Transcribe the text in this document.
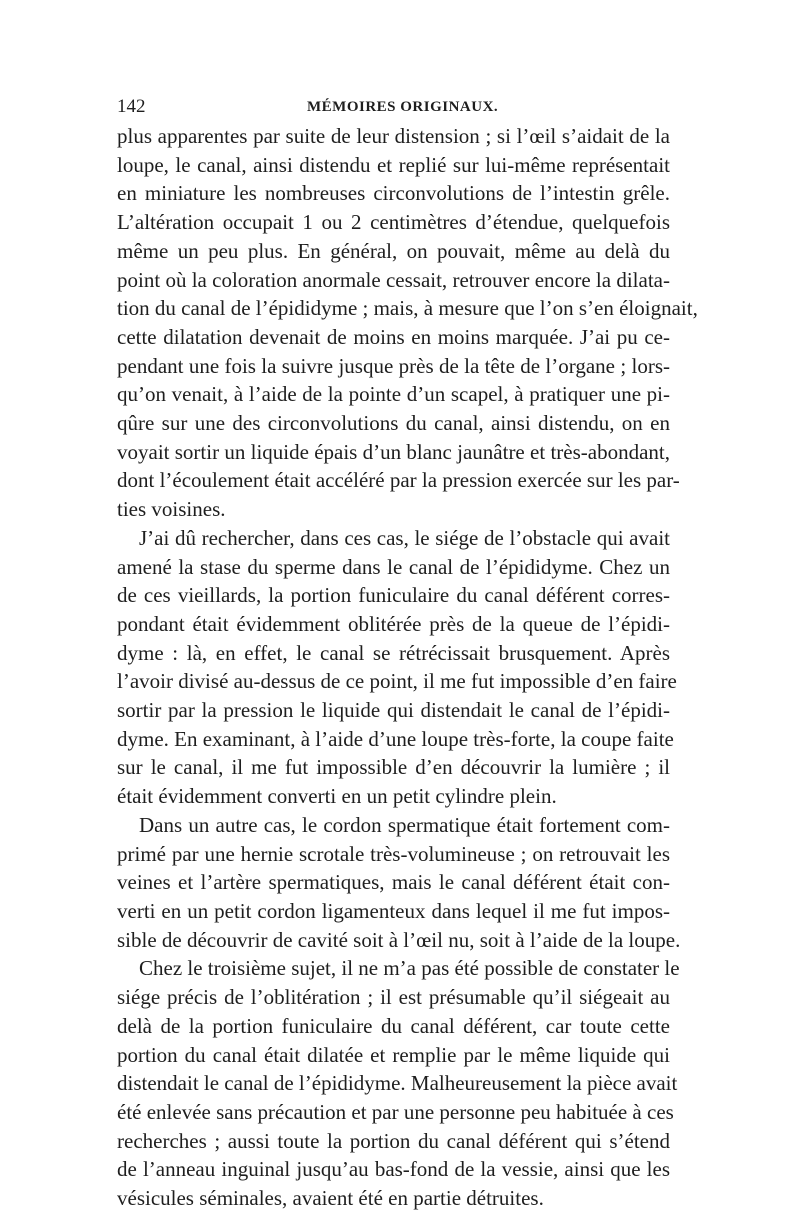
142	MÉMOIRES ORIGINAUX.

plus apparentes par suite de leur distension ; si l’œil s’aidait de la
loupe, le canal, ainsi distendu et replié sur lui-même représentait
en miniature les nombreuses circonvolutions de l’intestin grêle.
L’altération occupait 1 ou 2 centimètres d’étendue, quelquefois
même un peu plus. En général, on pouvait, même au delà du
point où la coloration anormale cessait, retrouver encore la dilata-
tion du canal de l’épididyme ; mais, à mesure que l’on s’en éloignait,
cette dilatation devenait de moins en moins marquée. J’ai pu ce-
pendant une fois la suivre jusque près de la tête de l’organe ; lors-
qu’on venait, à l’aide de la pointe d’un scapel, à pratiquer une pi-
qûre sur une des circonvolutions du canal, ainsi distendu, on en
voyait sortir un liquide épais d’un blanc jaunâtre et très-abondant,
dont l’écoulement était accéléré par la pression exercée sur les par-
ties voisines.

J’ai dû rechercher, dans ces cas, le siége de l’obstacle qui avait
amené la stase du sperme dans le canal de l’épididyme. Chez un
de ces vieillards, la portion funiculaire du canal déférent corres-
pondant était évidemment oblitérée près de la queue de l’épidi-
dyme : là, en effet, le canal se rétrécissait brusquement. Après
l’avoir divisé au-dessus de ce point, il me fut impossible d’en faire
sortir par la pression le liquide qui distendait le canal de l’épidi-
dyme. En examinant, à l’aide d’une loupe très-forte, la coupe faite
sur le canal, il me fut impossible d’en découvrir la lumière ; il
était évidemment converti en un petit cylindre plein.

Dans un autre cas, le cordon spermatique était fortement com-
primé par une hernie scrotale très-volumineuse ; on retrouvait les
veines et l’artère spermatiques, mais le canal déférent était con-
verti en un petit cordon ligamenteux dans lequel il me fut impos-
sible de découvrir de cavité soit à l’œil nu, soit à l’aide de la loupe.

Chez le troisième sujet, il ne m’a pas été possible de constater le
siége précis de l’oblitération ; il est présumable qu’il siégeait au
delà de la portion funiculaire du canal déférent, car toute cette
portion du canal était dilatée et remplie par le même liquide qui
distendait le canal de l’épididyme. Malheureusement la pièce avait
été enlevée sans précaution et par une personne peu habituée à ces
recherches ; aussi toute la portion du canal déférent qui s’étend
de l’anneau inguinal jusqu’au bas-fond de la vessie, ainsi que les
vésicules séminales, avaient été en partie détruites.
